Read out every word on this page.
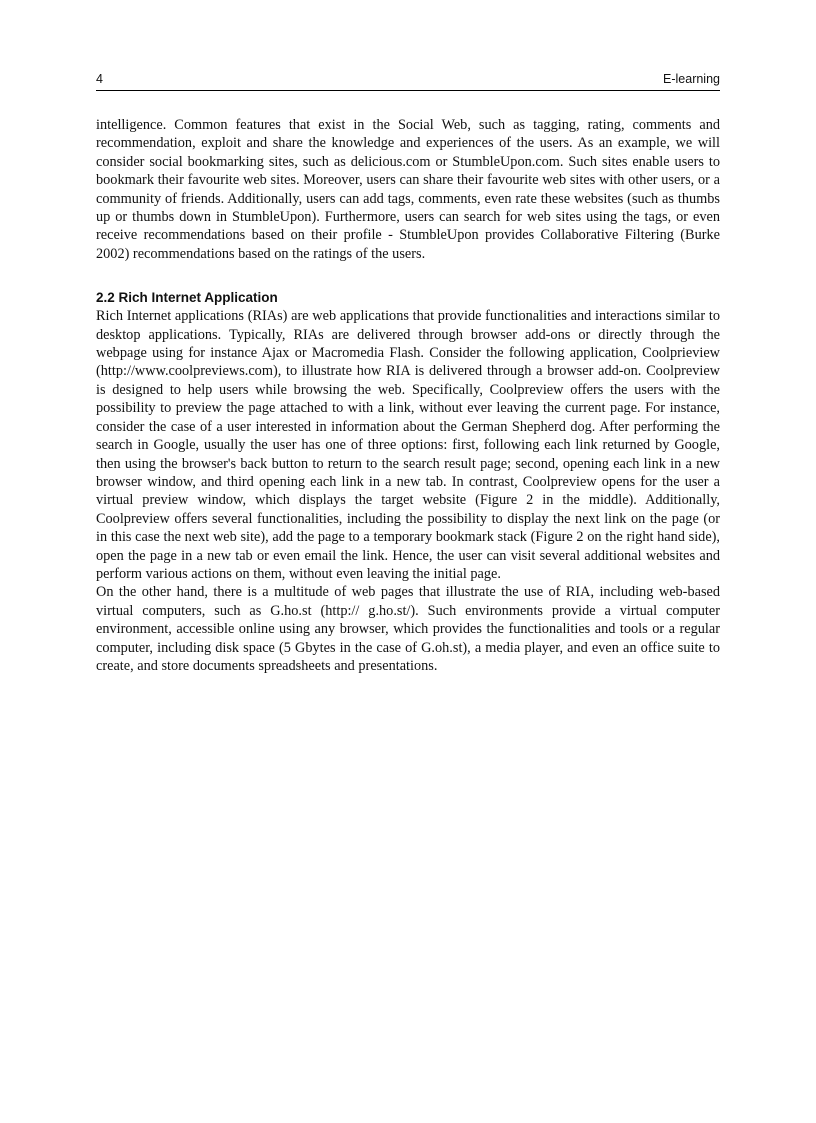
4	E-learning

intelligence. Common features that exist in the Social Web, such as tagging, rating, comments and recommendation, exploit and share the knowledge and experiences of the users. As an example, we will consider social bookmarking sites, such as delicious.com or StumbleUpon.com. Such sites enable users to bookmark their favourite web sites. Moreover, users can share their favourite web sites with other users, or a community of friends. Additionally, users can add tags, comments, even rate these websites (such as thumbs up or thumbs down in StumbleUpon). Furthermore, users can search for web sites using the tags, or even receive recommendations based on their profile - StumbleUpon provides Collaborative Filtering (Burke 2002) recommendations based on the ratings of the users.

2.2 Rich Internet Application

Rich Internet applications (RIAs) are web applications that provide functionalities and interactions similar to desktop applications. Typically, RIAs are delivered through browser add-ons or directly through the webpage using for instance Ajax or Macromedia Flash. Consider the following application, Coolprieview (http://www.coolpreviews.com), to illustrate how RIA is delivered through a browser add-on. Coolpreview is designed to help users while browsing the web. Specifically, Coolpreview offers the users with the possibility to preview the page attached to with a link, without ever leaving the current page. For instance, consider the case of a user interested in information about the German Shepherd dog. After performing the search in Google, usually the user has one of three options: first, following each link returned by Google, then using the browser's back button to return to the search result page; second, opening each link in a new browser window, and third opening each link in a new tab. In contrast, Coolpreview opens for the user a virtual preview window, which displays the target website (Figure 2 in the middle). Additionally, Coolpreview offers several functionalities, including the possibility to display the next link on the page (or in this case the next web site), add the page to a temporary bookmark stack (Figure 2 on the right hand side), open the page in a new tab or even email the link. Hence, the user can visit several additional websites and perform various actions on them, without even leaving the initial page.

On the other hand, there is a multitude of web pages that illustrate the use of RIA, including web-based virtual computers, such as G.ho.st (http:// g.ho.st/). Such environments provide a virtual computer environment, accessible online using any browser, which provides the functionalities and tools or a regular computer, including disk space (5 Gbytes in the case of G.oh.st), a media player, and even an office suite to create, and store documents spreadsheets and presentations.
